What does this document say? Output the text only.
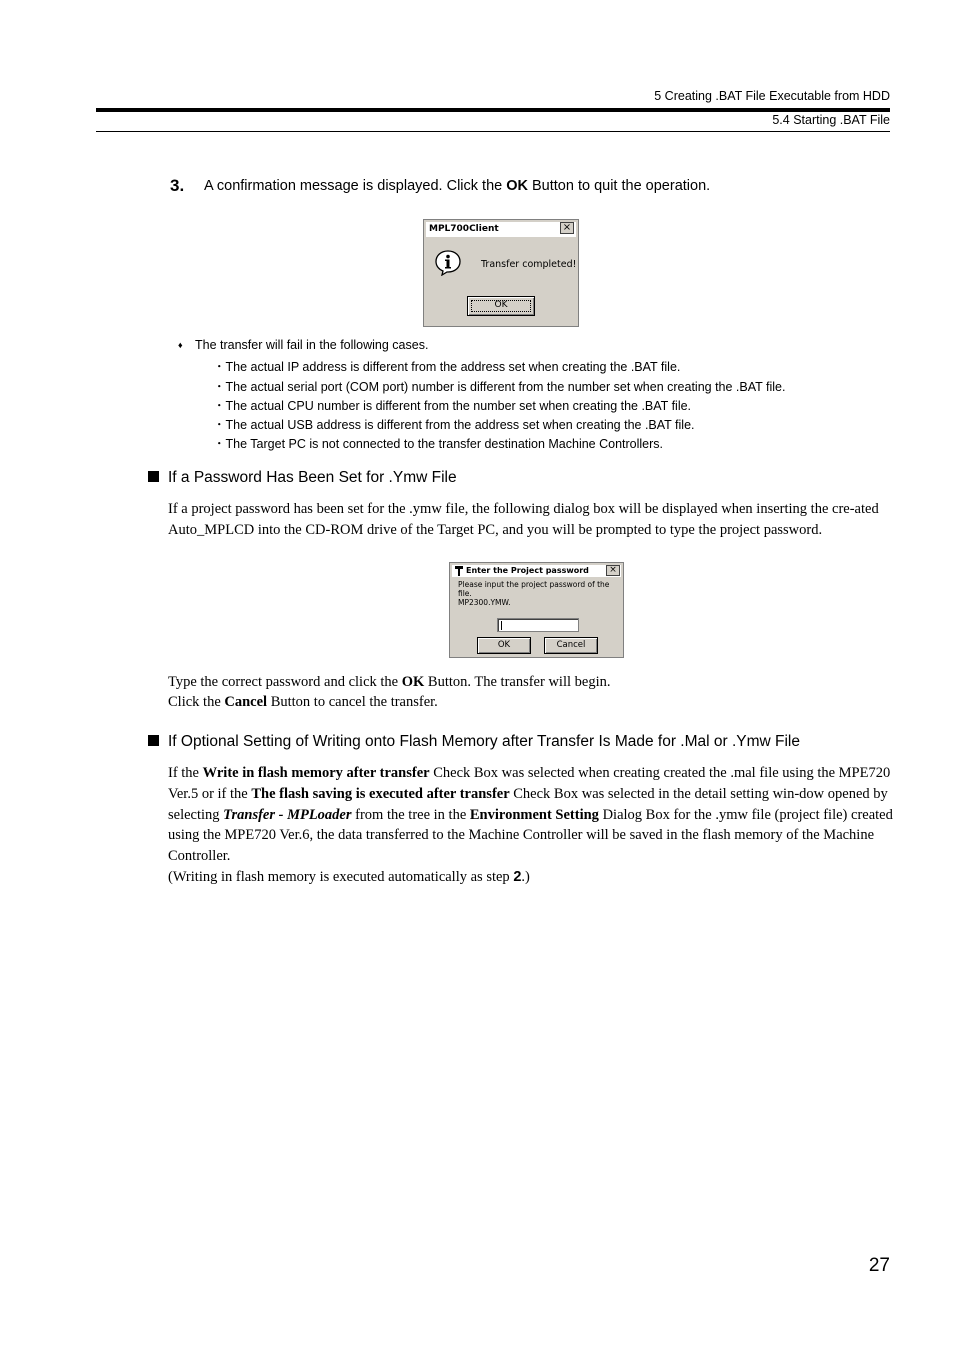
5 Creating .BAT File Executable from HDD
5.4 Starting .BAT File
3. A confirmation message is displayed. Click the OK Button to quit the operation.
MPL700Client	×
Transfer completed!
OK
♦ The transfer will fail in the following cases.
・The actual IP address is different from the address set when creating the .BAT file.
・The actual serial port (COM port) number is different from the number set when creating the .BAT file.
・The actual CPU number is different from the number set when creating the .BAT file.
・The actual USB address is different from the address set when creating the .BAT file.
・The Target PC is not connected to the transfer destination Machine Controllers.
If a Password Has Been Set for .Ymw File
If a project password has been set for the .ymw file, the following dialog box will be displayed when inserting the cre-ated Auto_MPLCD into the CD-ROM drive of the Target PC, and you will be prompted to type the project password.
Enter the Project password	×
Please input the project password of the file.
MP2300.YMW.
OK	Cancel
Type the correct password and click the OK Button. The transfer will begin.
Click the Cancel Button to cancel the transfer.
If Optional Setting of Writing onto Flash Memory after Transfer Is Made for .Mal or .Ymw File
If the Write in flash memory after transfer Check Box was selected when creating created the .mal file using the MPE720 Ver.5 or if the The flash saving is executed after transfer Check Box was selected in the detail setting win-dow opened by selecting Transfer - MPLoader from the tree in the Environment Setting Dialog Box for the .ymw file (project file) created using the MPE720 Ver.6, the data transferred to the Machine Controller will be saved in the flash memory of the Machine Controller.
(Writing in flash memory is executed automatically as step 2.)
27
